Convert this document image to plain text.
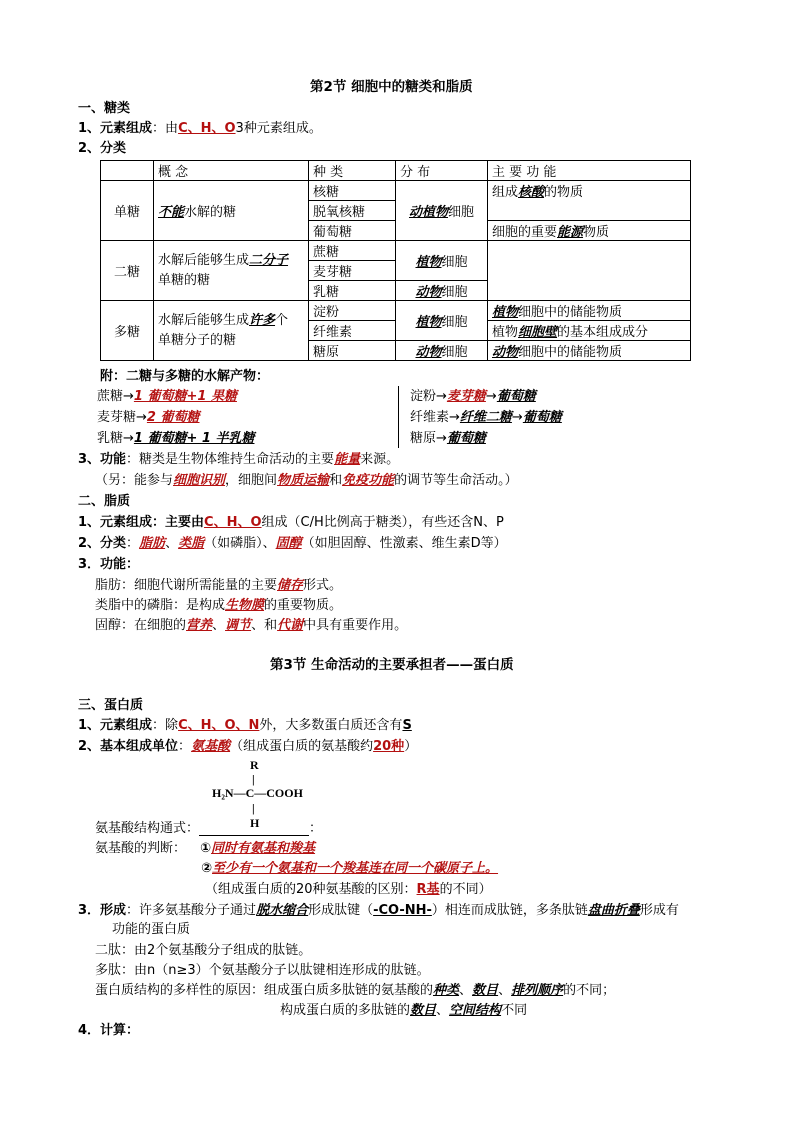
第2节 细胞中的糖类和脂质
一、糖类
1、元素组成：由C、H、O3种元素组成。
2、分类
	概 念	种 类	分 布	主 要 功 能
单糖	不能水解的糖	核糖	动植物细胞	组成核酸的物质
		脱氧核糖		
		葡萄糖		细胞的重要能源物质
二糖	水解后能够生成二分子
单糖的糖	蔗糖	植物细胞	
		麦芽糖		
		乳糖	动物细胞	
多糖	水解后能够生成许多个
单糖分子的糖	淀粉	植物细胞	植物细胞中的储能物质
		纤维素		植物细胞壁的基本组成成分
		糖原	动物细胞	动物细胞中的储能物质
附：二糖与多糖的水解产物：
蔗糖→1 葡萄糖+1 果糖
麦芽糖→2 葡萄糖
乳糖→1 葡萄糖+ 1 半乳糖
淀粉→麦芽糖→葡萄糖
纤维素→纤维二糖→葡萄糖
糖原→葡萄糖
3、功能：糖类是生物体维持生命活动的主要能量来源。
（另：能参与细胞识别，细胞间物质运输和免疫功能的调节等生命活动。）
二、脂质
1、元素组成：主要由C、H、O组成（C/H比例高于糖类），有些还含N、P
2、分类：脂肪、类脂（如磷脂）、固醇（如胆固醇、性激素、维生素D等）
3．功能：
脂肪：细胞代谢所需能量的主要储存形式。
类脂中的磷脂：是构成生物膜的重要物质。
固醇：在细胞的营养、调节、和代谢中具有重要作用。
第3节 生命活动的主要承担者——蛋白质
三、蛋白质
1、元素组成：除C、H、O、N外，大多数蛋白质还含有S
2、基本组成单位：氨基酸（组成蛋白质的氨基酸约20种）
R
|
H₂N—C—COOH
|
H
氨基酸结构通式：	：
氨基酸的判断： ①同时有氨基和羧基
②至少有一个氨基和一个羧基连在同一个碳原子上。
（组成蛋白质的20种氨基酸的区别：R基的不同）
3．形成：许多氨基酸分子通过脱水缩合形成肽键（-CO-NH-）相连而成肽链，多条肽链盘曲折叠形成有
功能的蛋白质
二肽：由2个氨基酸分子组成的肽链。
多肽：由n（n≥3）个氨基酸分子以肽键相连形成的肽链。
蛋白质结构的多样性的原因：组成蛋白质多肽链的氨基酸的种类、数目、排列顺序的不同；
构成蛋白质的多肽链的数目、空间结构不同
4．计算：
